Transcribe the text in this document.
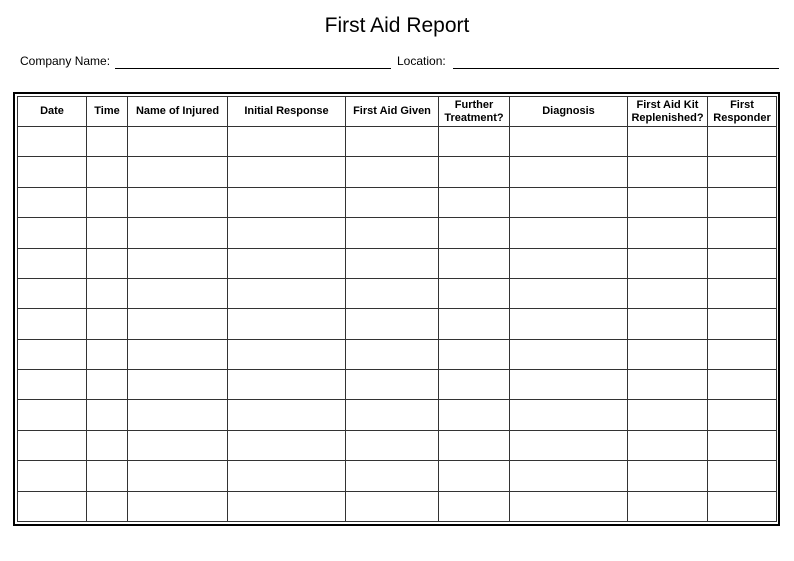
First Aid Report
Company Name:	Location:
Date	Time	Name of Injured	Initial Response	First Aid Given	Further Treatment?	Diagnosis	First Aid Kit Replenished?	First Responder
